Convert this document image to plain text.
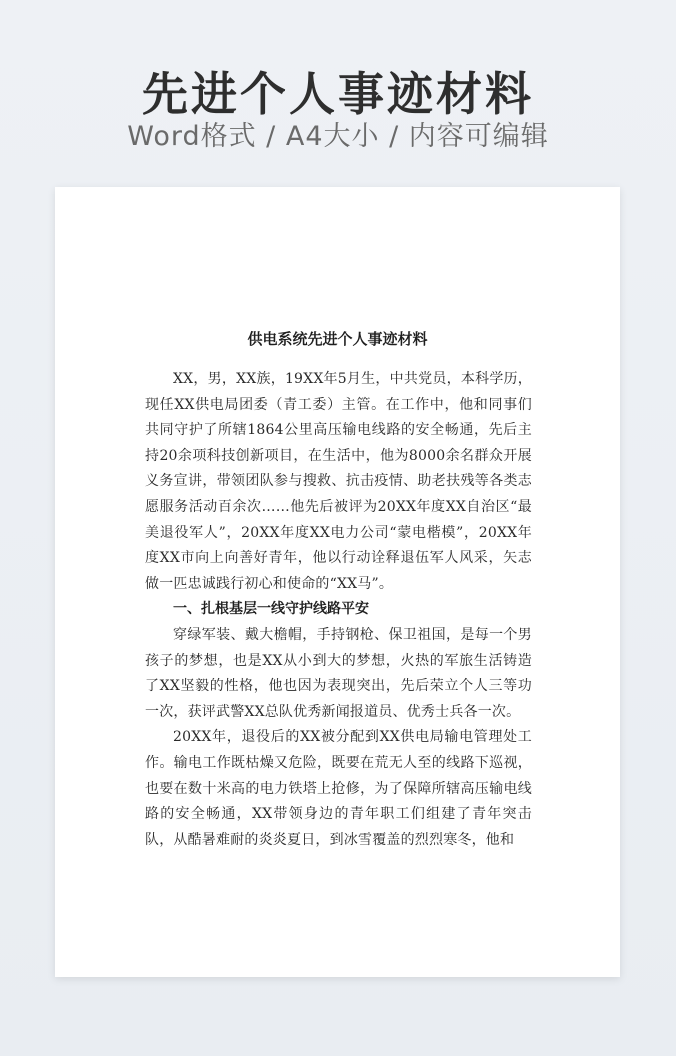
先进个人事迹材料
Word格式 / A4大小 / 内容可编辑
供电系统先进个人事迹材料

XX，男，XX族，19XX年5月生，中共党员，本科学历，现任XX供电局团委（青工委）主管。在工作中，他和同事们共同守护了所辖1864公里高压输电线路的安全畅通，先后主持20余项科技创新项目，在生活中，他为8000余名群众开展义务宣讲，带领团队参与搜救、抗击疫情、助老扶残等各类志愿服务活动百余次……他先后被评为20XX年度XX自治区“最美退役军人”，20XX年度XX电力公司“蒙电楷模”，20XX年度XX市向上向善好青年，他以行动诠释退伍军人风采，矢志做一匹忠诚践行初心和使命的“XX马”。

一、扎根基层一线守护线路平安

穿绿军装、戴大檐帽，手持钢枪、保卫祖国，是每一个男孩子的梦想，也是XX从小到大的梦想，火热的军旅生活铸造了XX坚毅的性格，他也因为表现突出，先后荣立个人三等功一次，获评武警XX总队优秀新闻报道员、优秀士兵各一次。

20XX年，退役后的XX被分配到XX供电局输电管理处工作。输电工作既枯燥又危险，既要在荒无人至的线路下巡视，也要在数十米高的电力铁塔上抢修，为了保障所辖高压输电线路的安全畅通，XX带领身边的青年职工们组建了青年突击队，从酷暑难耐的炎炎夏日，到冰雪覆盖的烈烈寒冬，他和
